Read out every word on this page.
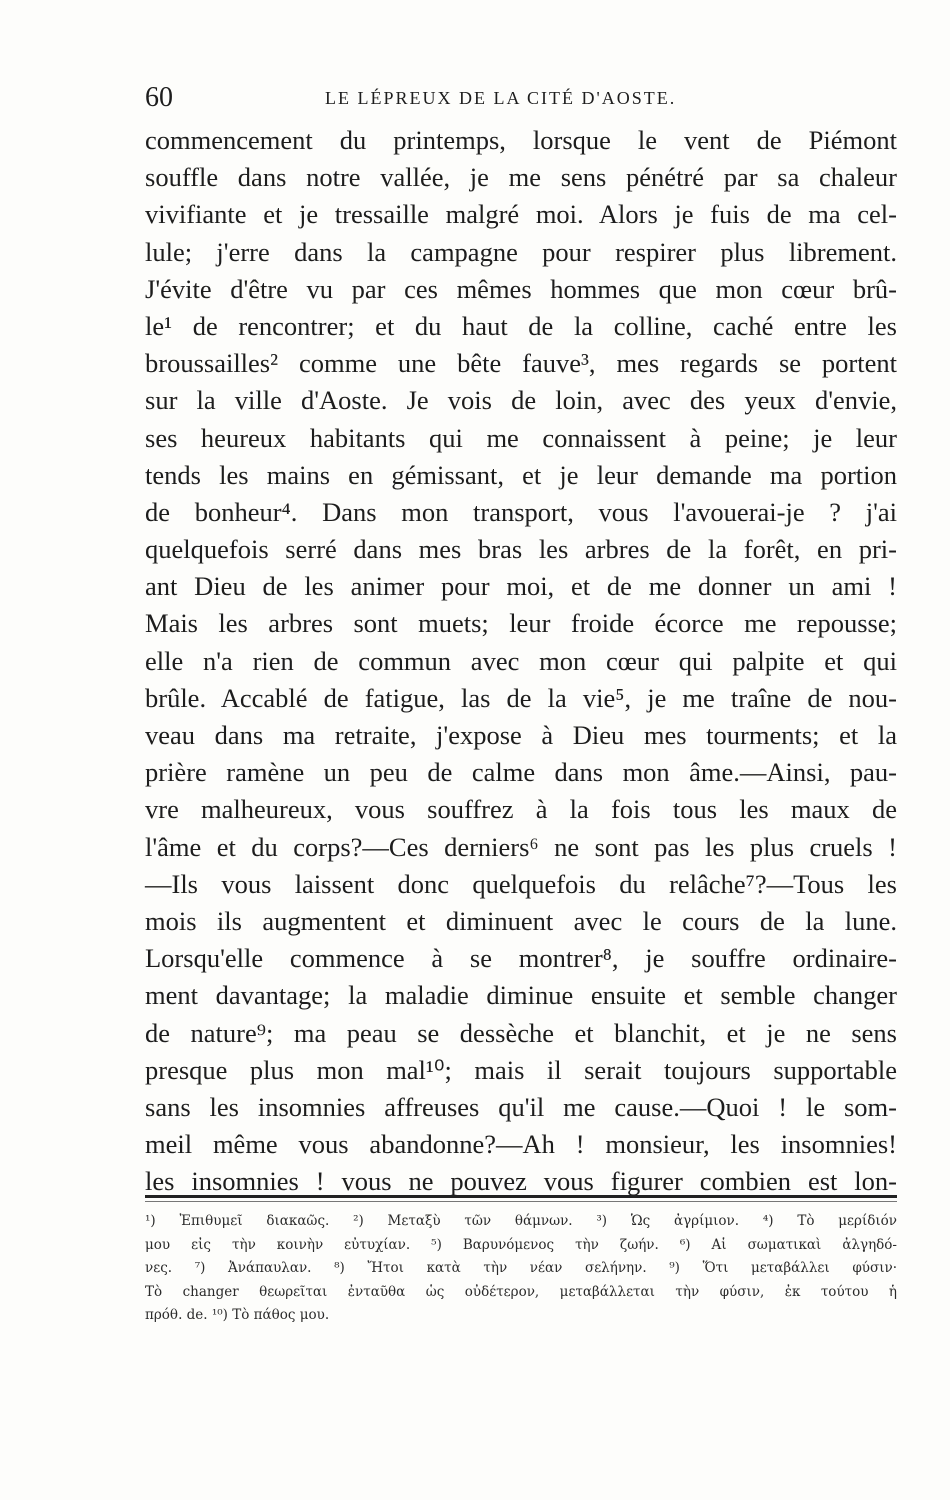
60	LE LÉPREUX DE LA CITÉ D'AOSTE.
commencement du printemps, lorsque le vent de Piémont
souffle dans notre vallée, je me sens pénétré par sa chaleur
vivifiante et je tressaille malgré moi. Alors je fuis de ma cel-
lule; j'erre dans la campagne pour respirer plus librement.
J'évite d'être vu par ces mêmes hommes que mon cœur brû-
le¹ de rencontrer; et du haut de la colline, caché entre les
broussailles² comme une bête fauve³, mes regards se portent
sur la ville d'Aoste. Je vois de loin, avec des yeux d'envie,
ses heureux habitants qui me connaissent à peine; je leur
tends les mains en gémissant, et je leur demande ma portion
de bonheur⁴. Dans mon transport, vous l'avouerai-je ? j'ai
quelquefois serré dans mes bras les arbres de la forêt, en pri-
ant Dieu de les animer pour moi, et de me donner un ami !
Mais les arbres sont muets; leur froide écorce me repousse;
elle n'a rien de commun avec mon cœur qui palpite et qui
brûle. Accablé de fatigue, las de la vie⁵, je me traîne de nou-
veau dans ma retraite, j'expose à Dieu mes tourments; et la
prière ramène un peu de calme dans mon âme.—Ainsi, pau-
vre malheureux, vous souffrez à la fois tous les maux de
l'âme et du corps?—Ces derniers⁶ ne sont pas les plus cruels !
—Ils vous laissent donc quelquefois du relâche⁷?—Tous les
mois ils augmentent et diminuent avec le cours de la lune.
Lorsqu'elle commence à se montrer⁸, je souffre ordinaire-
ment davantage; la maladie diminue ensuite et semble changer
de nature⁹; ma peau se dessèche et blanchit, et je ne sens
presque plus mon mal¹⁰; mais il serait toujours supportable
sans les insomnies affreuses qu'il me cause.—Quoi ! le som-
meil même vous abandonne?—Ah ! monsieur, les insomnies!
les insomnies ! vous ne pouvez vous figurer combien est lon-
¹) Ἐπιθυμεῖ διακαῶς. ²) Μεταξὺ τῶν θάμνων. ³) Ὡς ἀγρίμιον. ⁴) Τὸ μερίδιόν
μου εἰς τὴν κοινὴν εὐτυχίαν. ⁵) Βαρυνόμενος τὴν ζωήν. ⁶) Αἱ σωματικαὶ ἀλγηδό-
νες. ⁷) Ἀνάπαυλαν. ⁸) Ἤτοι κατὰ τὴν νέαν σελήνην. ⁹) Ὅτι μεταβάλλει φύσιν·
Τὸ changer θεωρεῖται ἐνταῦθα ὡς οὐδέτερον, μεταβάλλεται τὴν φύσιν, ἐκ τούτου ἡ
πρόθ. de. ¹⁰) Τὸ πάθος μου.
